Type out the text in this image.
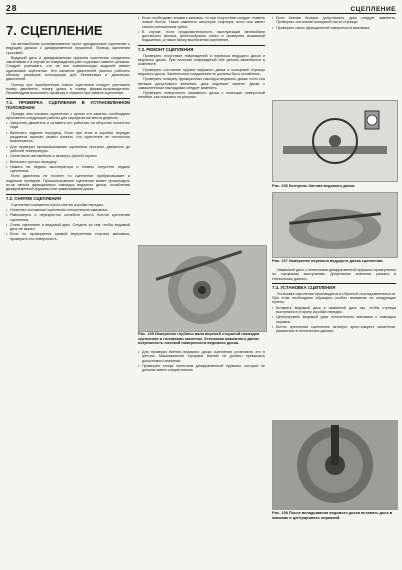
28	СЦЕПЛЕНИЕ
7. СЦЕПЛЕНИЕ

На автомобилях устанавливается сухое однодисковое сцепление с ведущим диском с диафрагменной пружиной. Привод сцепления тросовый.

Ведущий диск и диафрагменная пружина сцепления соединены заклепками и в случае их повреждения узел подлежит замене целиком. Следует учитывать, что не все комплектации моделей имеют одинаковое сцепление. Это касается двигателей разного рабочего объема, размеров конструкции для бензиновых и дизельных двигателей.

Потому при приобретении нового сцепления следует учитывать номер двигателя, номер диска и номер фирмы-производителя. Рекомендуем выполнять проверку в сервисе при замене сцепления.

7.1. ПРОВЕРКА СЦЕПЛЕНИЯ В УСТАНОВЛЕННОМ ПОЛОЖЕНИИ

Прежде чем снимать сцепление с целью его замены, необходимо произвести следующие работы для определения места дефекта:

• Запустить двигатель и оставить его работать на оборотах холостого хода.

• Включить заднюю передачу. Если при этом в коробке передач раздается скрежет, можно считать, что сцепление не полностью выключается.

• Для проверки проскальзывания сцепления прогреть двигатель до рабочей температуры.

• Остановить автомобиль и затянуть ручной тормоз.

• Включить третью передачу.

• Нажать на педаль акселератора и плавно отпустить педаль сцепления.

Если двигатель не глохнет, то сцепление пробуксовывает и подлежит проверке. Проскальзывание сцепления может происходить из-за износа фрикционных накладок ведомого диска, ослабления диафрагменной пружины или замасливания диска.

7.2. СНЯТИЕ СЦЕПЛЕНИЯ

Сцепление снимается после снятия коробки передач.

• Отметить положение сцепления относительно маховика.

• Равномерно и перекрестно ослабить шесть болтов крепления сцепления.

• Снять сцепление и ведомый диск. Следить за тем, чтобы ведомый диск не выпал.

• Если не проверяется прямой внутренним стороны маховика, проверить его поверхность.

• Если необходимо снимать маховик, то при отсутствии следует ставить новые болты. Также заменить шестерни стартера, если она имеет сильно изношенные зубья.

• В случае, если продолжительность эксплуатации автомобиля достаточно велика, целесообразно снять и проверить выжимной подшипник, а также вилку выключения сцепления.

7.3. РЕМОНТ СЦЕПЛЕНИЯ

Проверить отсутствие повреждений и перекоса ведущего диска и ведомого диска. При наличии повреждений обе детали заменяются в комплекте.

Проверить состояние пружин ведомого диска и шлицевой ступицы ведомого диска. Заклепочные соединения не должны быть ослаблены.

Проверить толщину фрикционных накладок ведомого диска: если она меньше допустимого значения, диск подлежит замене. Диски с замасленными накладками следует заменить.

Проверить поверхность нажимного диска с помощью поверочной линейки, как показано на рисунке.

• Для проверки биения ведомого диска сцепления установить его в центры. Максимальное торцевое биение не должно превышать допустимого значения.

• Проверить концы лепестков диафрагменной пружины, которые не должны иметь следов износа.

• Если биение больше допустимого, диск следует заменить. Проверить состояние шлицевой части ступицы.

• Проверить износ фрикционной поверхности маховика.

Нажимной диск с лепестками диафрагменной пружины проверяются по торцевому выступанию. Допустимое значение указано в технических данных.

7.4. УСТАНОВКА СЦЕПЛЕНИЯ

Установка сцепления производится в обратной последовательности. При этом необходимо обращать особое внимание на следующие пункты:

• Вставить ведомый диск в нажимной диск так, чтобы ступица выступала в сторону коробки передач.

• Центрировать ведомый диск относительно маховика с помощью оправки.

• Болты крепления сцепления затянуть крест-накрест моментом, указанным в технических данных.

Рис. 105 Измерение глубины вала верхней стороной накладки сцепления и головками заклепок. Установка нажимного диска: погрешность плоской поверхности ведомого диска.
Рис. 106 Контроль биения ведомого диска.
Рис. 107 Измерение перекоса ведущего диска сцепления.
Рис. 108 После вкладывания ведомого диска вставить диск в маховик и центрировать оправкой.
